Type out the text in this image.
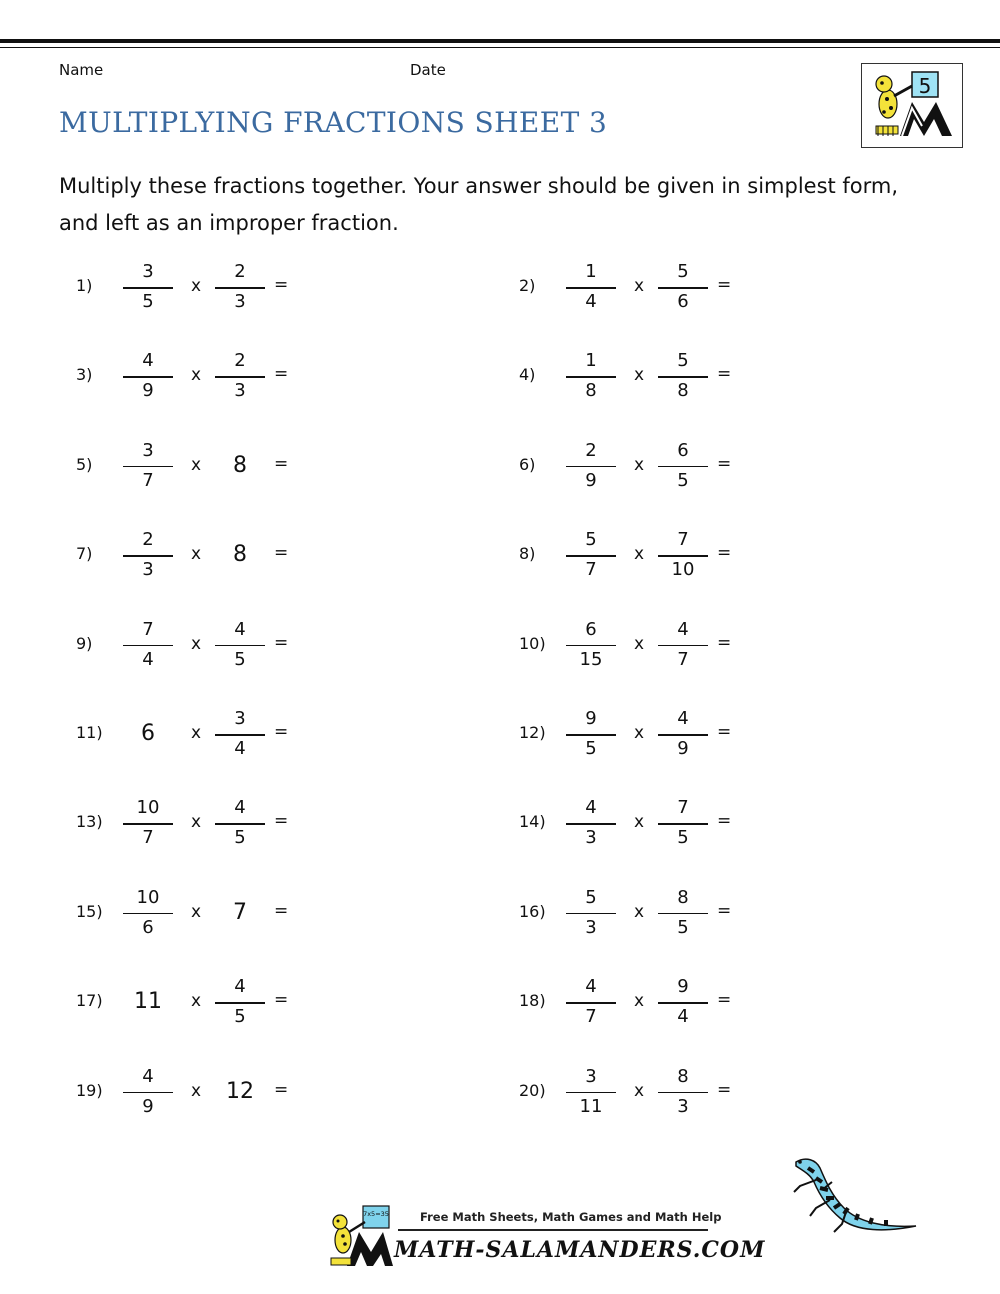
Name	Date
MULTIPLYING FRACTIONS SHEET 3
5
Multiply these fractions together. Your answer should be given in simplest form, and left as an improper fraction.
1)
3
5
x
2
3
=	2)
1
4
x
5
6
=
3)
4
9
x
2
3
=	4)
1
8
x
5
8
=
5)
3
7
x	8	=	6)
2
9
x
6
5
=
7)
2
3
x	8	=	8)
5
7
x
7
10
=
9)
7
4
x
4
5
=	10)
6
15
x
4
7
=
11)	6	x
3
4
=	12)
9
5
x
4
9
=
13)
10
7
x
4
5
=	14)
4
3
x
7
5
=
15)
10
6
x	7	=	16)
5
3
x
8
5
=
17)	11	x
4
5
=	18)
4
7
x
9
4
=
19)
4
9
x	12	=	20)
3
11
x
8
3
=
7x5=35	Free Math Sheets, Math Games and Math Help
MATH-SALAMANDERS.COM
